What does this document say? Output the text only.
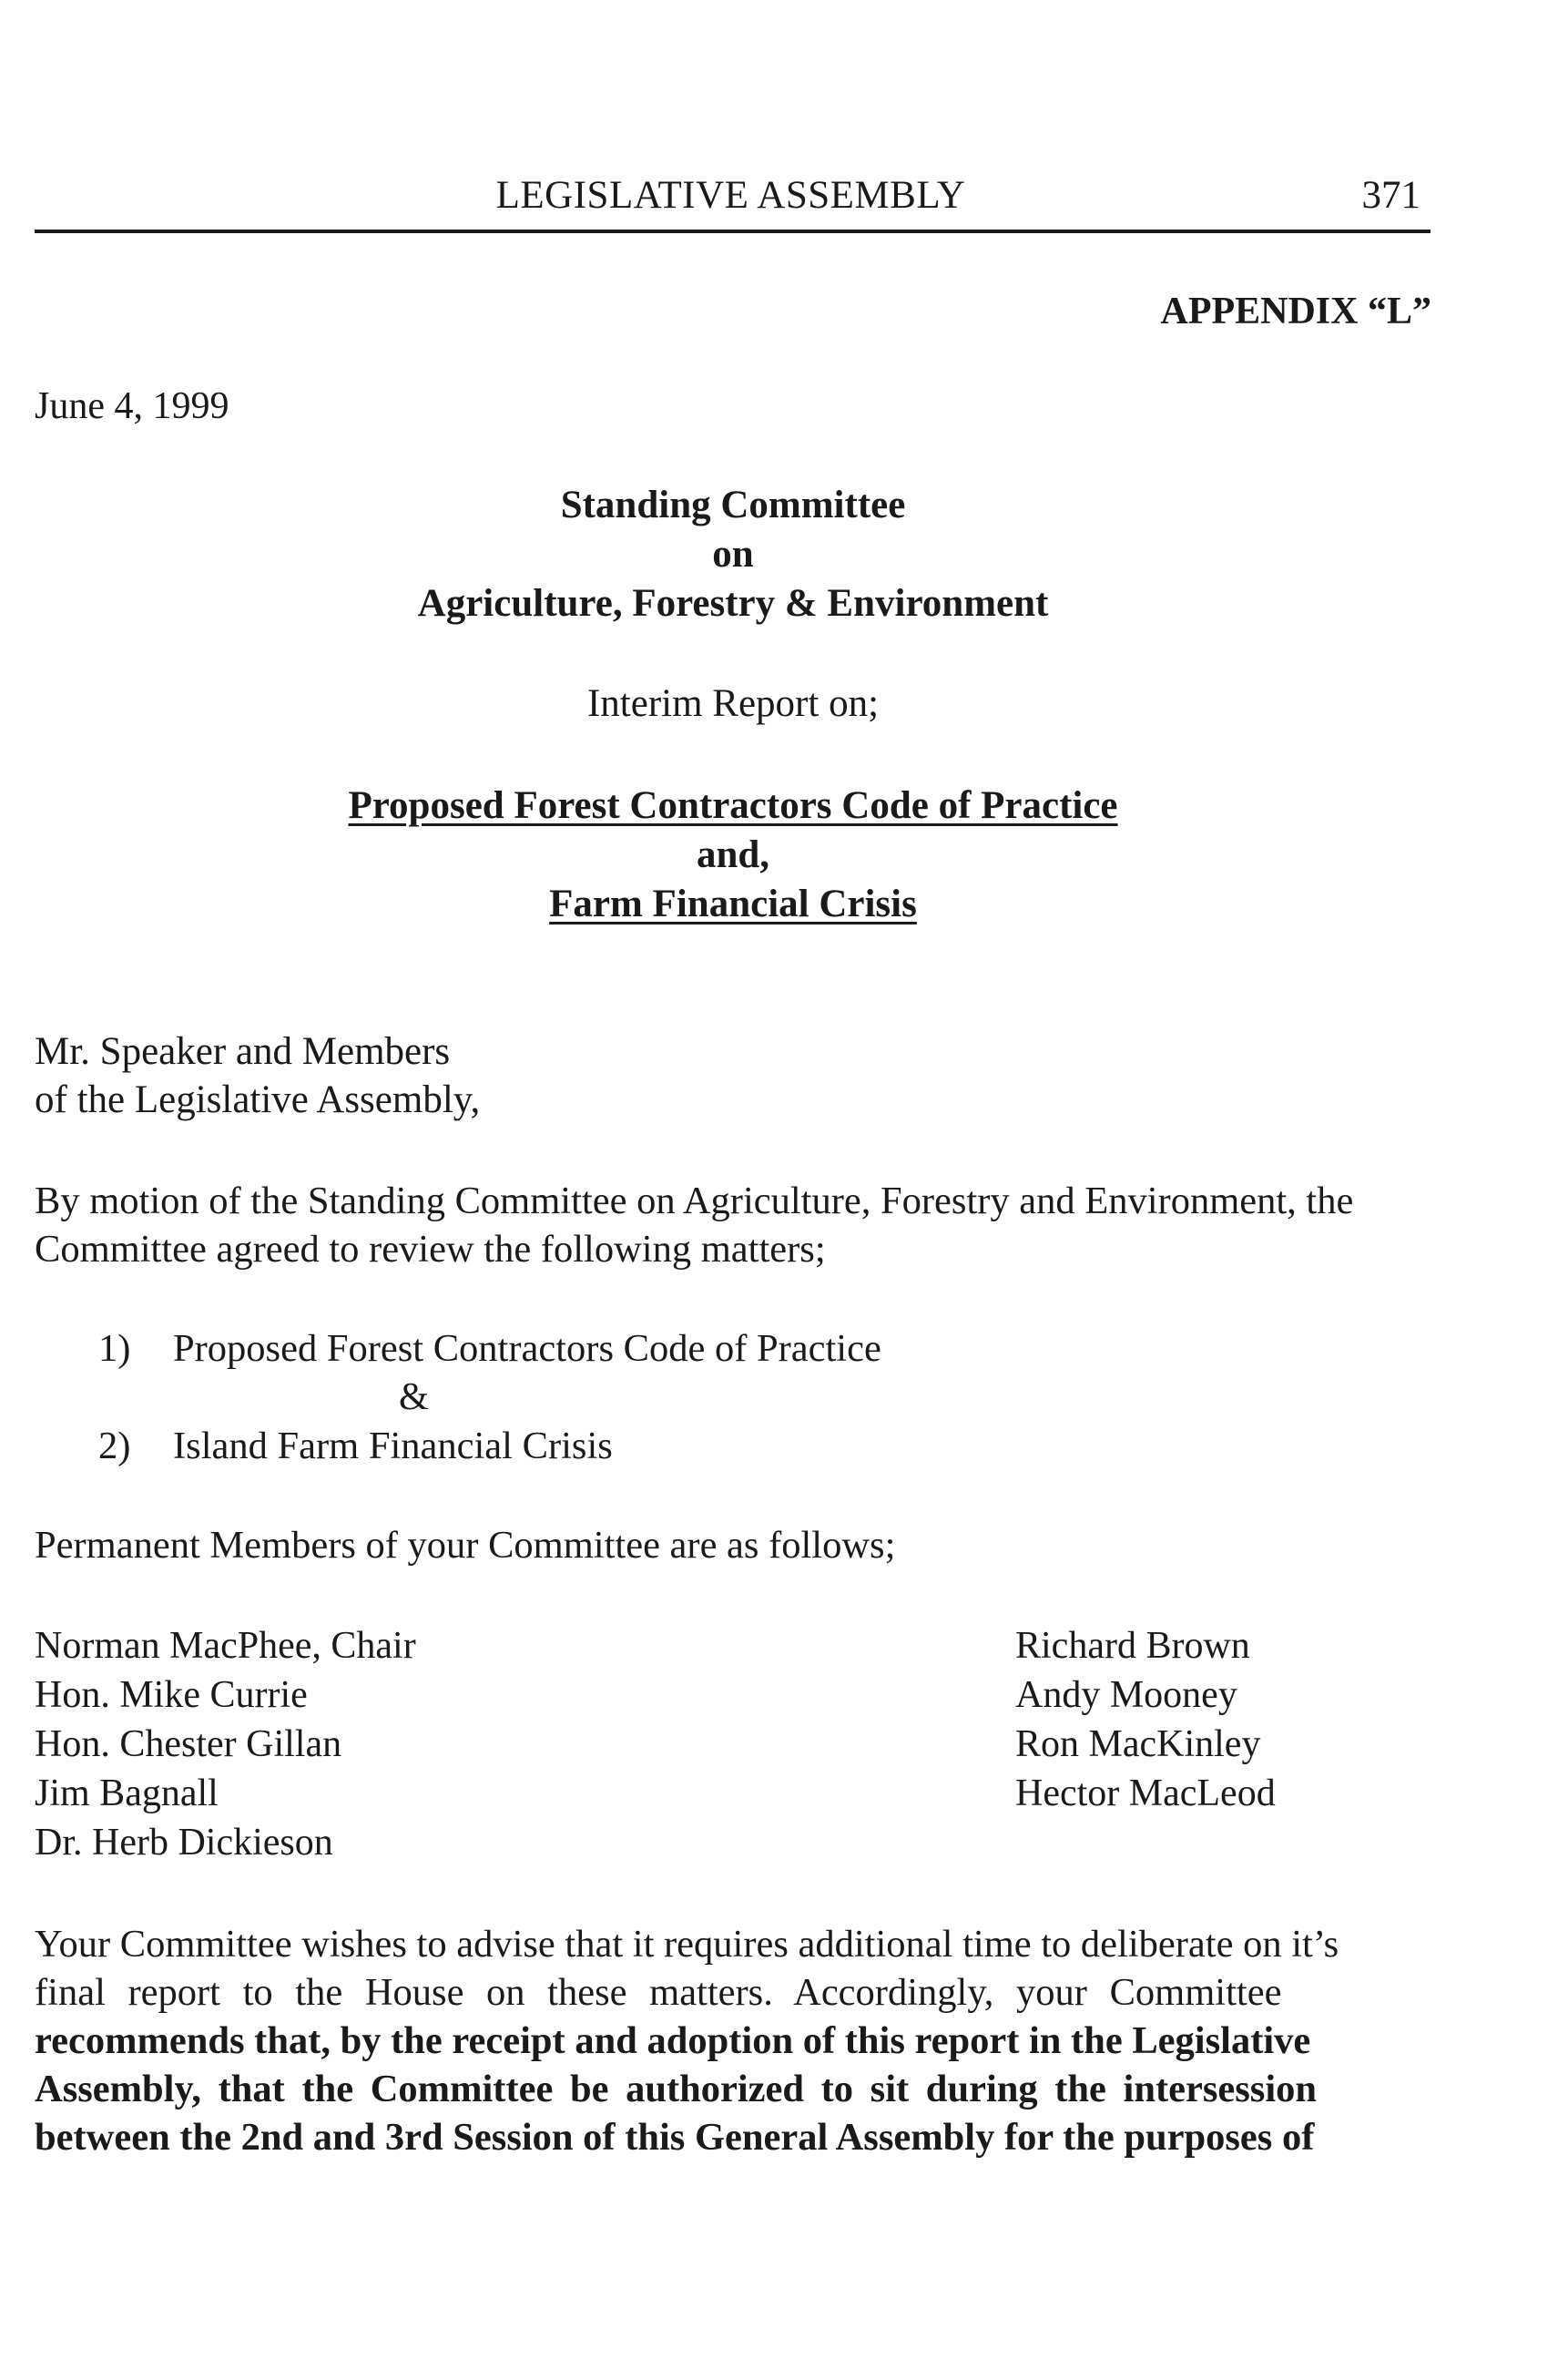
LEGISLATIVE ASSEMBLY	371
APPENDIX “L”
June 4, 1999
Standing Committee
on
Agriculture, Forestry & Environment
Interim Report on;
Proposed Forest Contractors Code of Practice
and,
Farm Financial Crisis
Mr. Speaker and Members
of the Legislative Assembly,
By motion of the Standing Committee on Agriculture, Forestry and Environment, the
Committee agreed to review the following matters;
1) Proposed Forest Contractors Code of Practice
&
2) Island Farm Financial Crisis
Permanent Members of your Committee are as follows;
Norman MacPhee, Chair
Hon. Mike Currie
Hon. Chester Gillan
Jim Bagnall
Dr. Herb Dickieson
Richard Brown
Andy Mooney
Ron MacKinley
Hector MacLeod
Your Committee wishes to advise that it requires additional time to deliberate on it’s
final report to the House on these matters. Accordingly, your Committee
recommends that, by the receipt and adoption of this report in the Legislative
Assembly, that the Committee be authorized to sit during the intersession
between the 2nd and 3rd Session of this General Assembly for the purposes of
